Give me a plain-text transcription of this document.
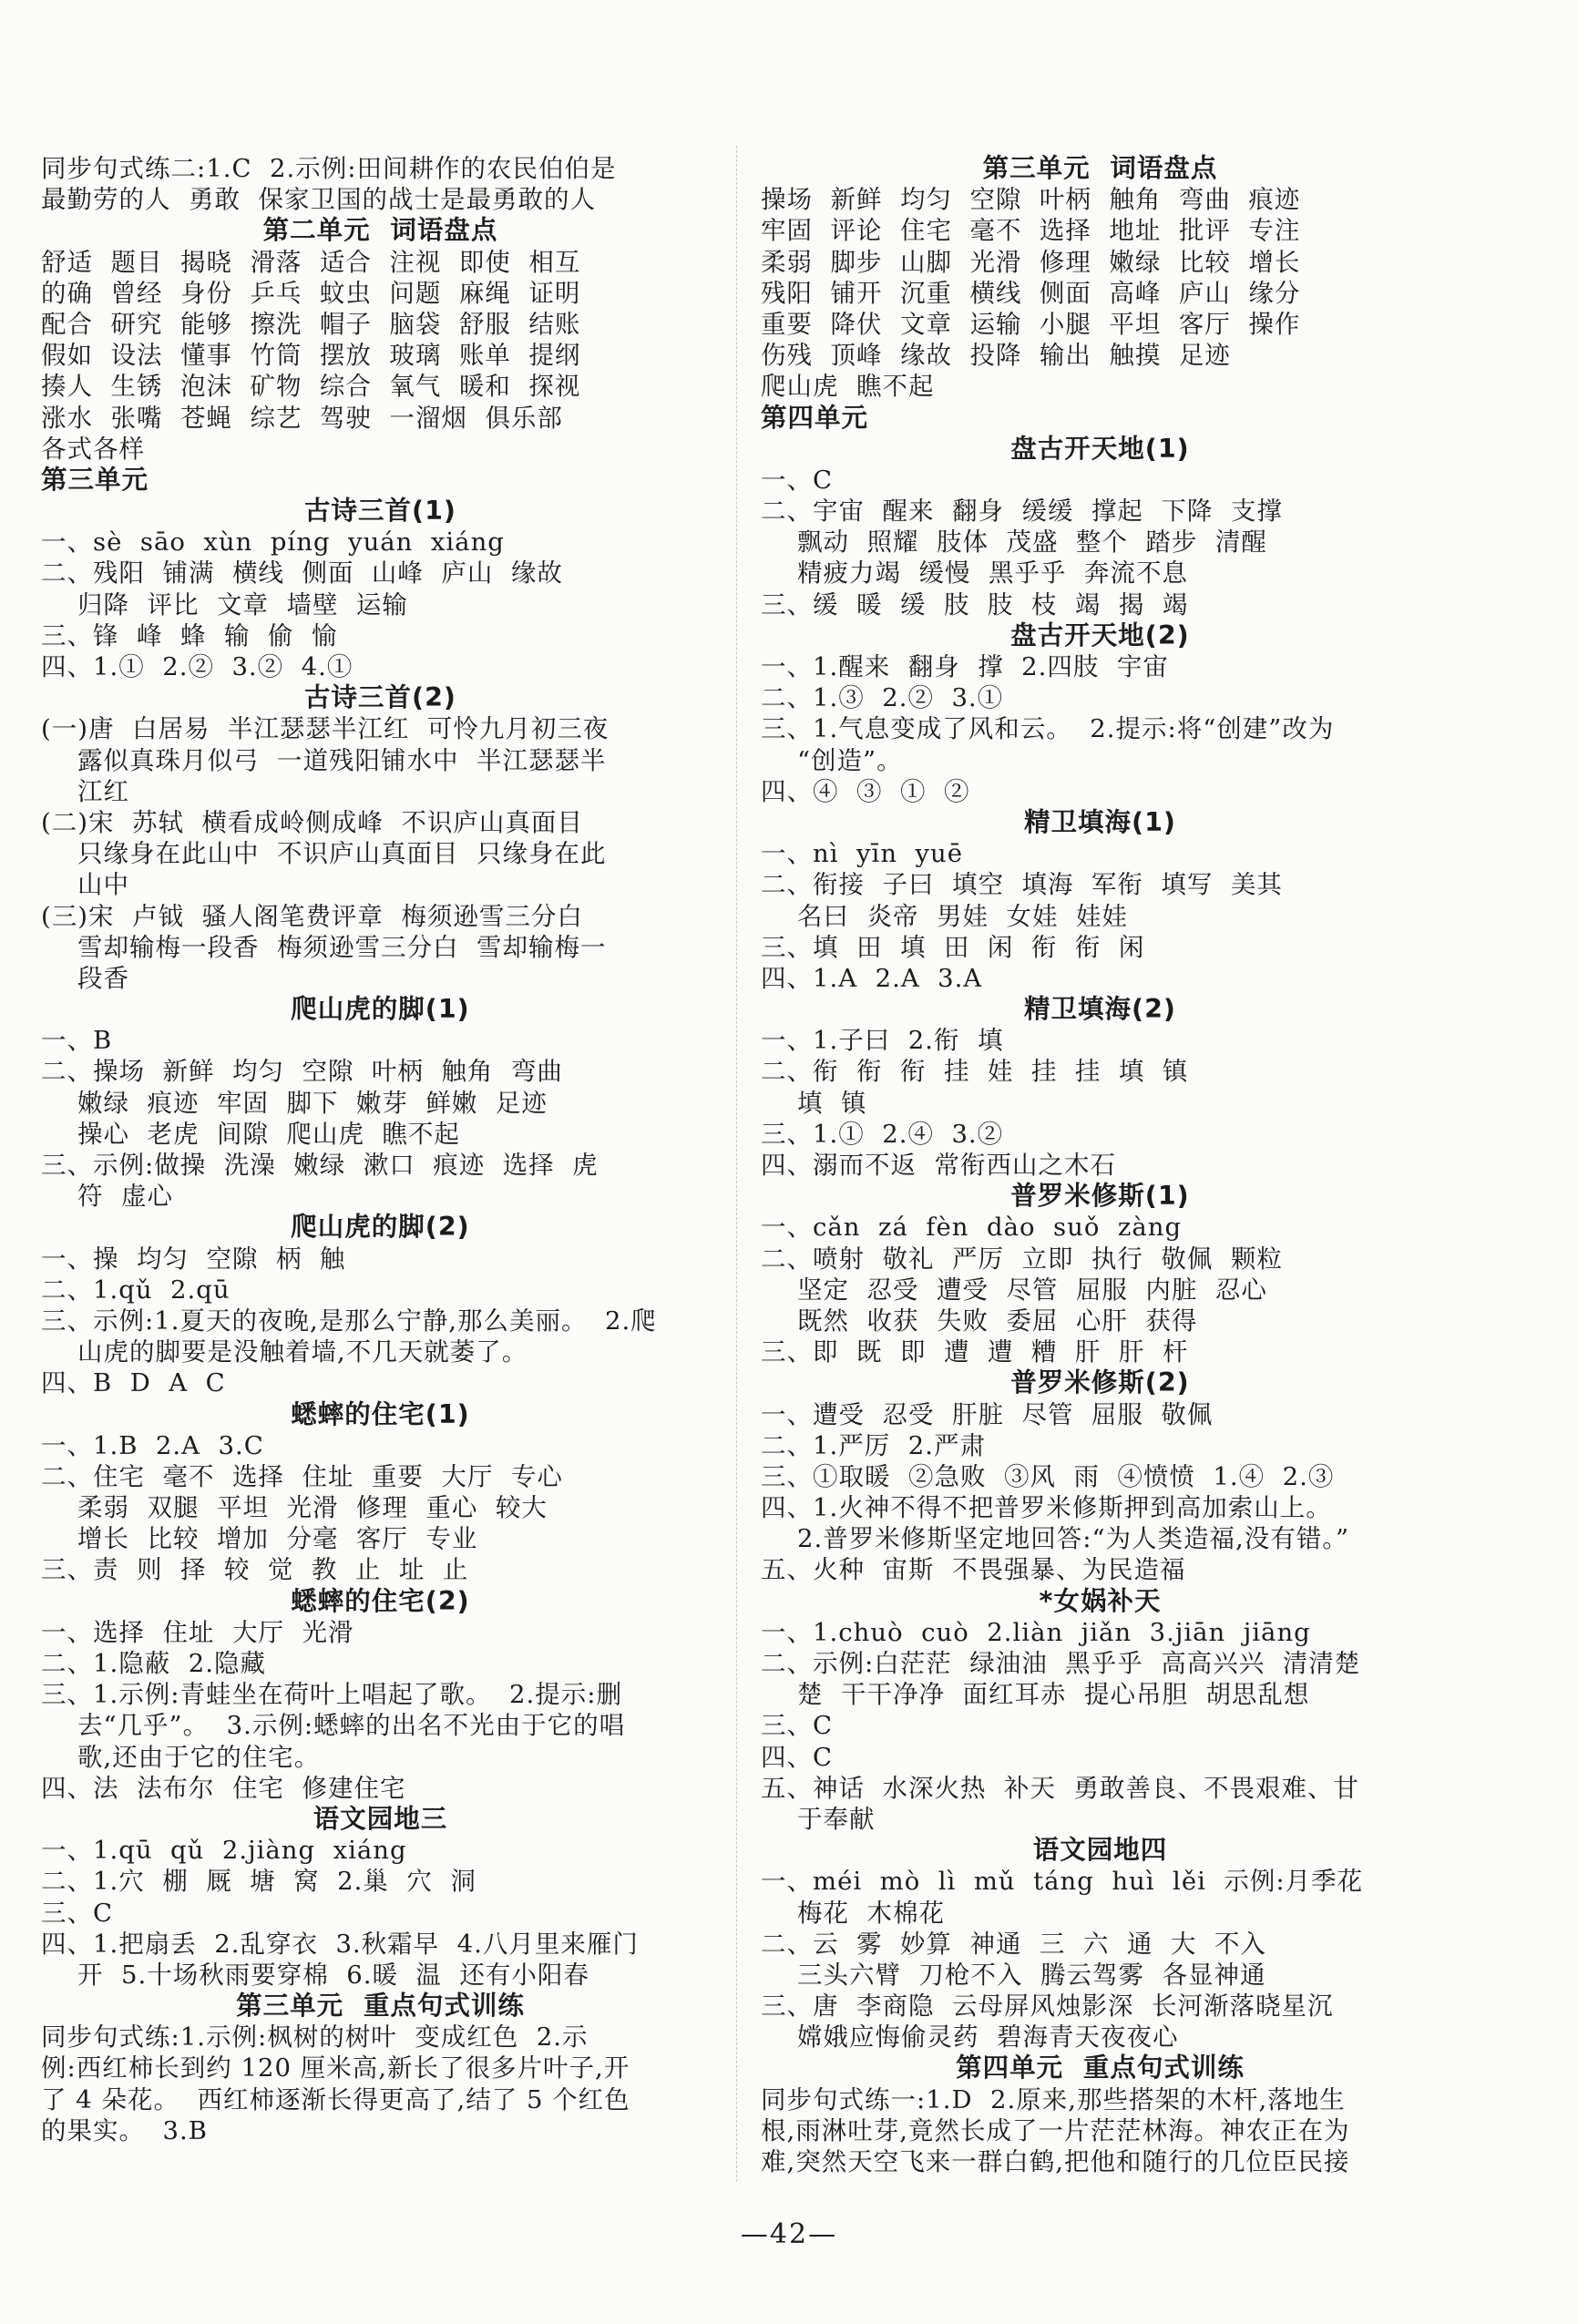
同步句式练二:1.C  2.示例:田间耕作的农民伯伯是
最勤劳的人  勇敢  保家卫国的战士是最勇敢的人
第二单元  词语盘点
舒适  题目  揭晓  滑落  适合  注视  即使  相互
的确  曾经  身份  乒乓  蚊虫  问题  麻绳  证明
配合  研究  能够  擦洗  帽子  脑袋  舒服  结账
假如  设法  懂事  竹筒  摆放  玻璃  账单  提纲
揍人  生锈  泡沫  矿物  综合  氧气  暖和  探视
涨水  张嘴  苍蝇  综艺  驾驶  一溜烟  俱乐部
各式各样
第三单元
古诗三首(1)
一、sè  sāo  xùn  píng  yuán  xiáng
二、残阳  铺满  横线  侧面  山峰  庐山  缘故
归降  评比  文章  墙壁  运输
三、锋  峰  蜂  输  偷  愉
四、1.①  2.②  3.②  4.①
古诗三首(2)
(一)唐  白居易  半江瑟瑟半江红  可怜九月初三夜
露似真珠月似弓  一道残阳铺水中  半江瑟瑟半
江红
(二)宋  苏轼  横看成岭侧成峰  不识庐山真面目
只缘身在此山中  不识庐山真面目  只缘身在此
山中
(三)宋  卢钺  骚人阁笔费评章  梅须逊雪三分白
雪却输梅一段香  梅须逊雪三分白  雪却输梅一
段香
爬山虎的脚(1)
一、B
二、操场  新鲜  均匀  空隙  叶柄  触角  弯曲
嫩绿  痕迹  牢固  脚下  嫩芽  鲜嫩  足迹
操心  老虎  间隙  爬山虎  瞧不起
三、示例:做操  洗澡  嫩绿  漱口  痕迹  选择  虎
符  虚心
爬山虎的脚(2)
一、操  均匀  空隙  柄  触
二、1.qǔ  2.qū
三、示例:1.夏天的夜晚,是那么宁静,那么美丽。  2.爬
山虎的脚要是没触着墙,不几天就萎了。
四、B  D  A  C
蟋蟀的住宅(1)
一、1.B  2.A  3.C
二、住宅  毫不  选择  住址  重要  大厅  专心
柔弱  双腿  平坦  光滑  修理  重心  较大
增长  比较  增加  分毫  客厅  专业
三、责  则  择  较  觉  教  止  址  止
蟋蟀的住宅(2)
一、选择  住址  大厅  光滑
二、1.隐蔽  2.隐藏
三、1.示例:青蛙坐在荷叶上唱起了歌。  2.提示:删
去“几乎”。  3.示例:蟋蟀的出名不光由于它的唱
歌,还由于它的住宅。
四、法  法布尔  住宅  修建住宅
语文园地三
一、1.qū  qǔ  2.jiàng  xiáng
二、1.穴  棚  厩  塘  窝  2.巢  穴  洞
三、C
四、1.把扇丢  2.乱穿衣  3.秋霜早  4.八月里来雁门
开  5.十场秋雨要穿棉  6.暖  温  还有小阳春
第三单元  重点句式训练
同步句式练:1.示例:枫树的树叶  变成红色  2.示
例:西红柿长到约 120 厘米高,新长了很多片叶子,开
了 4 朵花。  西红柿逐渐长得更高了,结了 5 个红色
的果实。  3.B
第三单元  词语盘点
操场  新鲜  均匀  空隙  叶柄  触角  弯曲  痕迹
牢固  评论  住宅  毫不  选择  地址  批评  专注
柔弱  脚步  山脚  光滑  修理  嫩绿  比较  增长
残阳  铺开  沉重  横线  侧面  高峰  庐山  缘分
重要  降伏  文章  运输  小腿  平坦  客厅  操作
伤残  顶峰  缘故  投降  输出  触摸  足迹
爬山虎  瞧不起
第四单元
盘古开天地(1)
一、C
二、宇宙  醒来  翻身  缓缓  撑起  下降  支撑
飘动  照耀  肢体  茂盛  整个  踏步  清醒
精疲力竭  缓慢  黑乎乎  奔流不息
三、缓  暖  缓  肢  肢  枝  竭  揭  竭
盘古开天地(2)
一、1.醒来  翻身  撑  2.四肢  宇宙
二、1.③  2.②  3.①
三、1.气息变成了风和云。  2.提示:将“创建”改为
“创造”。
四、④  ③  ①  ②
精卫填海(1)
一、nì  yīn  yuē
二、衔接  子曰  填空  填海  军衔  填写  美其
名曰  炎帝  男娃  女娃  娃娃
三、填  田  填  田  闲  衔  衔  闲
四、1.A  2.A  3.A
精卫填海(2)
一、1.子曰  2.衔  填
二、衔  衔  衔  挂  娃  挂  挂  填  镇
填  镇
三、1.①  2.④  3.②
四、溺而不返  常衔西山之木石
普罗米修斯(1)
一、cǎn  zá  fèn  dào  suǒ  zàng
二、喷射  敬礼  严厉  立即  执行  敬佩  颗粒
坚定  忍受  遭受  尽管  屈服  内脏  忍心
既然  收获  失败  委屈  心肝  获得
三、即  既  即  遭  遭  糟  肝  肝  杆
普罗米修斯(2)
一、遭受  忍受  肝脏  尽管  屈服  敬佩
二、1.严厉  2.严肃
三、①取暖  ②急败  ③风  雨  ④愤愤  1.④  2.③
四、1.火神不得不把普罗米修斯押到高加索山上。
2.普罗米修斯坚定地回答:“为人类造福,没有错。”
五、火种  宙斯  不畏强暴、为民造福
*女娲补天
一、1.chuò  cuò  2.liàn  jiǎn  3.jiān  jiāng
二、示例:白茫茫  绿油油  黑乎乎  高高兴兴  清清楚
楚  干干净净  面红耳赤  提心吊胆  胡思乱想
三、C
四、C
五、神话  水深火热  补天  勇敢善良、不畏艰难、甘
于奉献
语文园地四
一、méi  mò  lì  mǔ  táng  huì  lěi  示例:月季花
梅花  木棉花
二、云  雾  妙算  神通  三  六  通  大  不入
三头六臂  刀枪不入  腾云驾雾  各显神通
三、唐  李商隐  云母屏风烛影深  长河渐落晓星沉
嫦娥应悔偷灵药  碧海青天夜夜心
第四单元  重点句式训练
同步句式练一:1.D  2.原来,那些搭架的木杆,落地生
根,雨淋吐芽,竟然长成了一片茫茫林海。神农正在为
难,突然天空飞来一群白鹤,把他和随行的几位臣民接
—42—
